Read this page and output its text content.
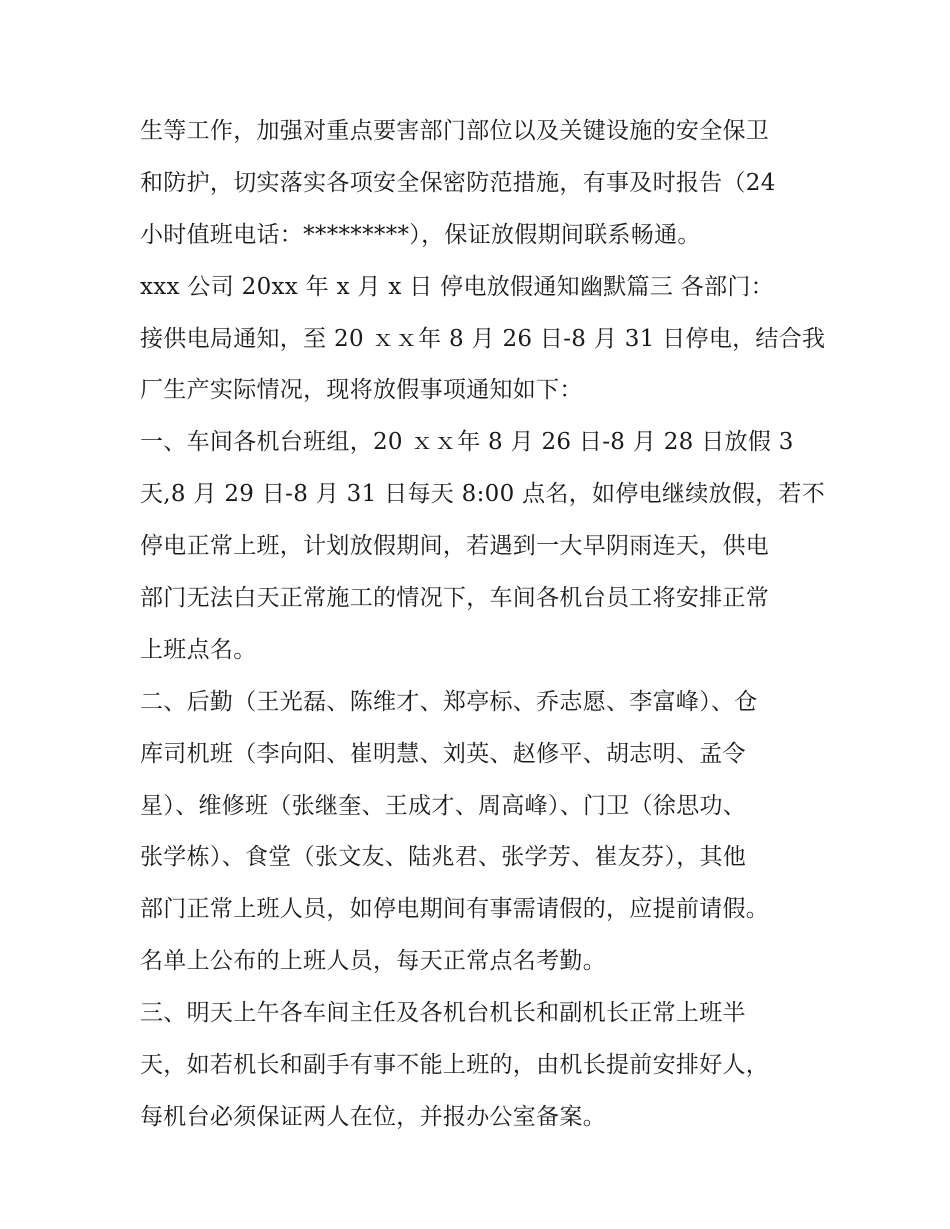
生等工作，加强对重点要害部门部位以及关键设施的安全保卫
和防护，切实落实各项安全保密防范措施，有事及时报告（24
小时值班电话：*********），保证放假期间联系畅通。
xxx 公司 20xx 年 x 月 x 日 停电放假通知幽默篇三 各部门：
接供电局通知，至 20 ｘｘ年 8 月 26 日-8 月 31 日停电，结合我
厂生产实际情况，现将放假事项通知如下：
一、车间各机台班组，20 ｘｘ年 8 月 26 日-8 月 28 日放假 3
天,8 月 29 日-8 月 31 日每天 8:00 点名，如停电继续放假，若不
停电正常上班，计划放假期间，若遇到一大早阴雨连天，供电
部门无法白天正常施工的情况下，车间各机台员工将安排正常
上班点名。
二、后勤（王光磊、陈维才、郑亭标、乔志愿、李富峰）、仓
库司机班（李向阳、崔明慧、刘英、赵修平、胡志明、孟令
星）、维修班（张继奎、王成才、周高峰）、门卫（徐思功、
张学栋）、食堂（张文友、陆兆君、张学芳、崔友芬），其他
部门正常上班人员，如停电期间有事需请假的，应提前请假。
名单上公布的上班人员，每天正常点名考勤。
三、明天上午各车间主任及各机台机长和副机长正常上班半
天，如若机长和副手有事不能上班的，由机长提前安排好人，
每机台必须保证两人在位，并报办公室备案。
